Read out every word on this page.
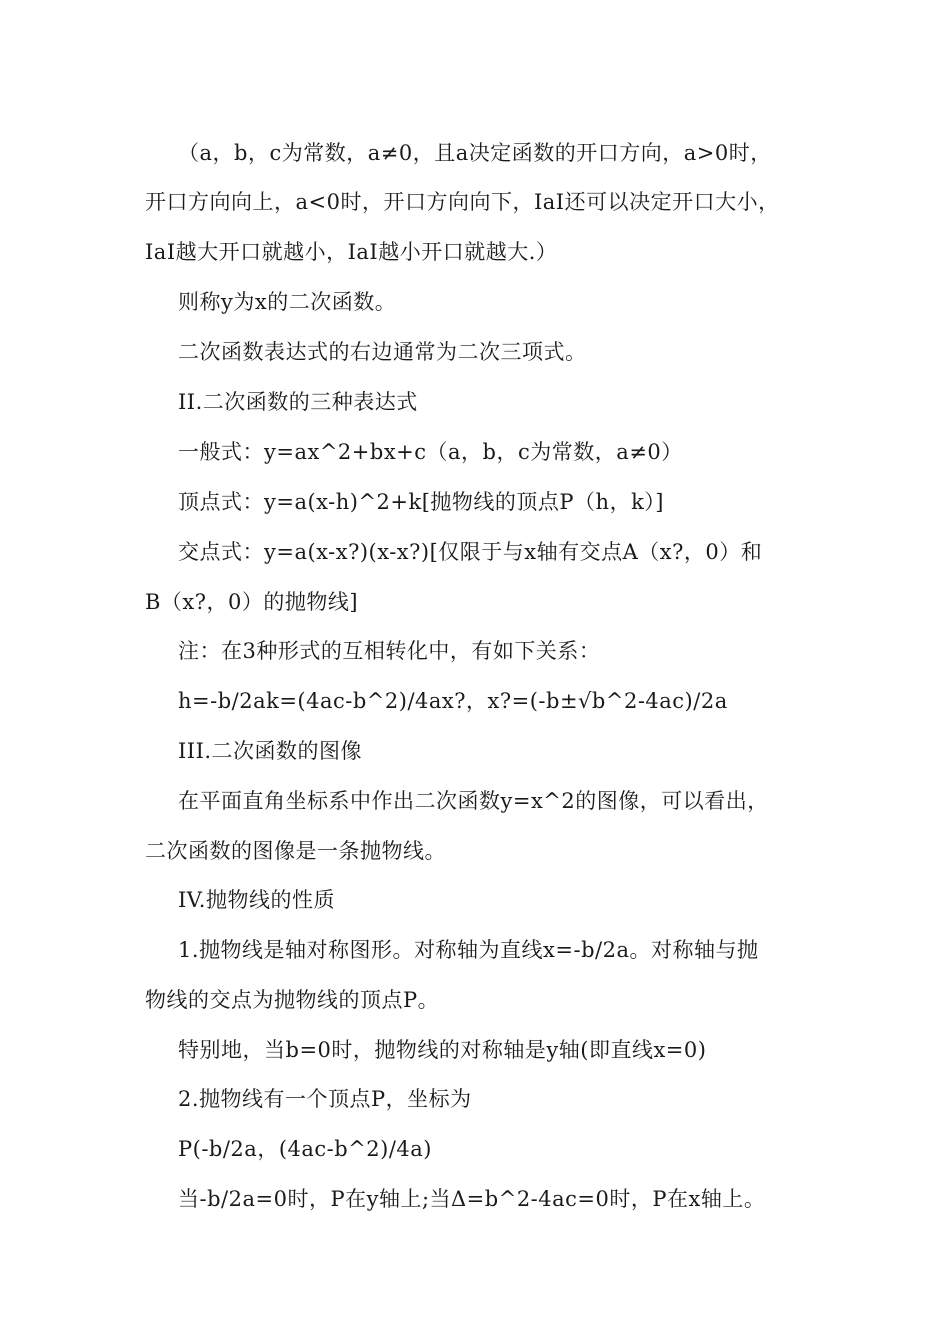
（a，b，c为常数，a≠0，且a决定函数的开口方向，a>0时，
开口方向向上，a<0时，开口方向向下，IaI还可以决定开口大小，
IaI越大开口就越小，IaI越小开口就越大.）
则称y为x的二次函数。
二次函数表达式的右边通常为二次三项式。
II.二次函数的三种表达式
一般式：y=ax^2+bx+c（a，b，c为常数，a≠0）
顶点式：y=a(x-h)^2+k[抛物线的顶点P（h，k）]
交点式：y=a(x-x?)(x-x?)[仅限于与x轴有交点A（x?，0）和
B（x?，0）的抛物线]
注：在3种形式的互相转化中，有如下关系：
h=-b/2ak=(4ac-b^2)/4ax?，x?=(-b±√b^2-4ac)/2a
III.二次函数的图像
在平面直角坐标系中作出二次函数y=x^2的图像，可以看出，
二次函数的图像是一条抛物线。
IV.抛物线的性质
1.抛物线是轴对称图形。对称轴为直线x=-b/2a。对称轴与抛
物线的交点为抛物线的顶点P。
特别地，当b=0时，抛物线的对称轴是y轴(即直线x=0)
2.抛物线有一个顶点P，坐标为
P(-b/2a，(4ac-b^2)/4a)
当-b/2a=0时，P在y轴上;当Δ=b^2-4ac=0时，P在x轴上。
